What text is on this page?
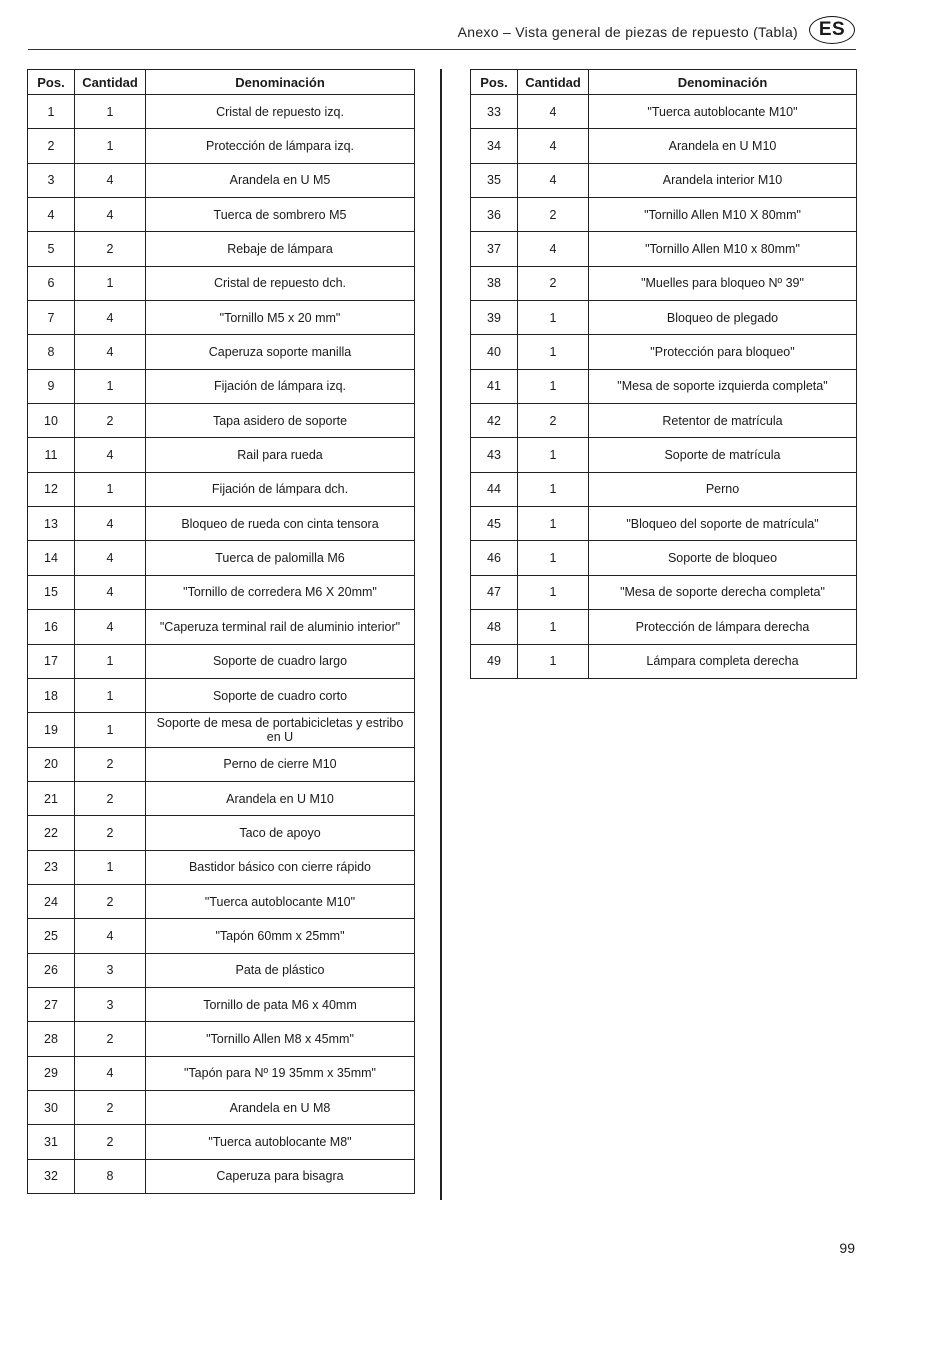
Anexo – Vista general de piezas de repuesto (Tabla)	ES
Pos.	Cantidad	Denominación
1	1	Cristal de repuesto izq.
2	1	Protección de lámpara izq.
3	4	Arandela en U M5
4	4	Tuerca de sombrero M5
5	2	Rebaje de lámpara
6	1	Cristal de repuesto dch.
7	4	"Tornillo M5 x 20 mm"
8	4	Caperuza soporte manilla
9	1	Fijación de lámpara izq.
10	2	Tapa asidero de soporte
11	4	Rail para rueda
12	1	Fijación de lámpara dch.
13	4	Bloqueo de rueda con cinta tensora
14	4	Tuerca de palomilla M6
15	4	"Tornillo de corredera M6 X 20mm"
16	4	"Caperuza terminal rail de aluminio interior"
17	1	Soporte de cuadro largo
18	1	Soporte de cuadro corto
19	1	Soporte de mesa de portabicicletas y estribo en U
20	2	Perno de cierre M10
21	2	Arandela en U M10
22	2	Taco de apoyo
23	1	Bastidor básico con cierre rápido
24	2	"Tuerca autoblocante M10"
25	4	"Tapón 60mm x 25mm"
26	3	Pata de plástico
27	3	Tornillo de pata M6 x 40mm
28	2	"Tornillo Allen M8 x 45mm"
29	4	"Tapón para Nº 19 35mm x 35mm"
30	2	Arandela en U M8
31	2	"Tuerca autoblocante M8"
32	8	Caperuza para bisagra
Pos.	Cantidad	Denominación
33	4	"Tuerca autoblocante M10"
34	4	Arandela en U M10
35	4	Arandela interior M10
36	2	"Tornillo Allen M10 X 80mm"
37	4	"Tornillo Allen M10 x 80mm"
38	2	"Muelles para bloqueo Nº 39"
39	1	Bloqueo de plegado
40	1	"Protección para bloqueo"
41	1	"Mesa de soporte izquierda completa"
42	2	Retentor de matrícula
43	1	Soporte de matrícula
44	1	Perno
45	1	"Bloqueo del soporte de matrícula"
46	1	Soporte de bloqueo
47	1	"Mesa de soporte derecha completa"
48	1	Protección de lámpara derecha
49	1	Lámpara completa derecha
99
